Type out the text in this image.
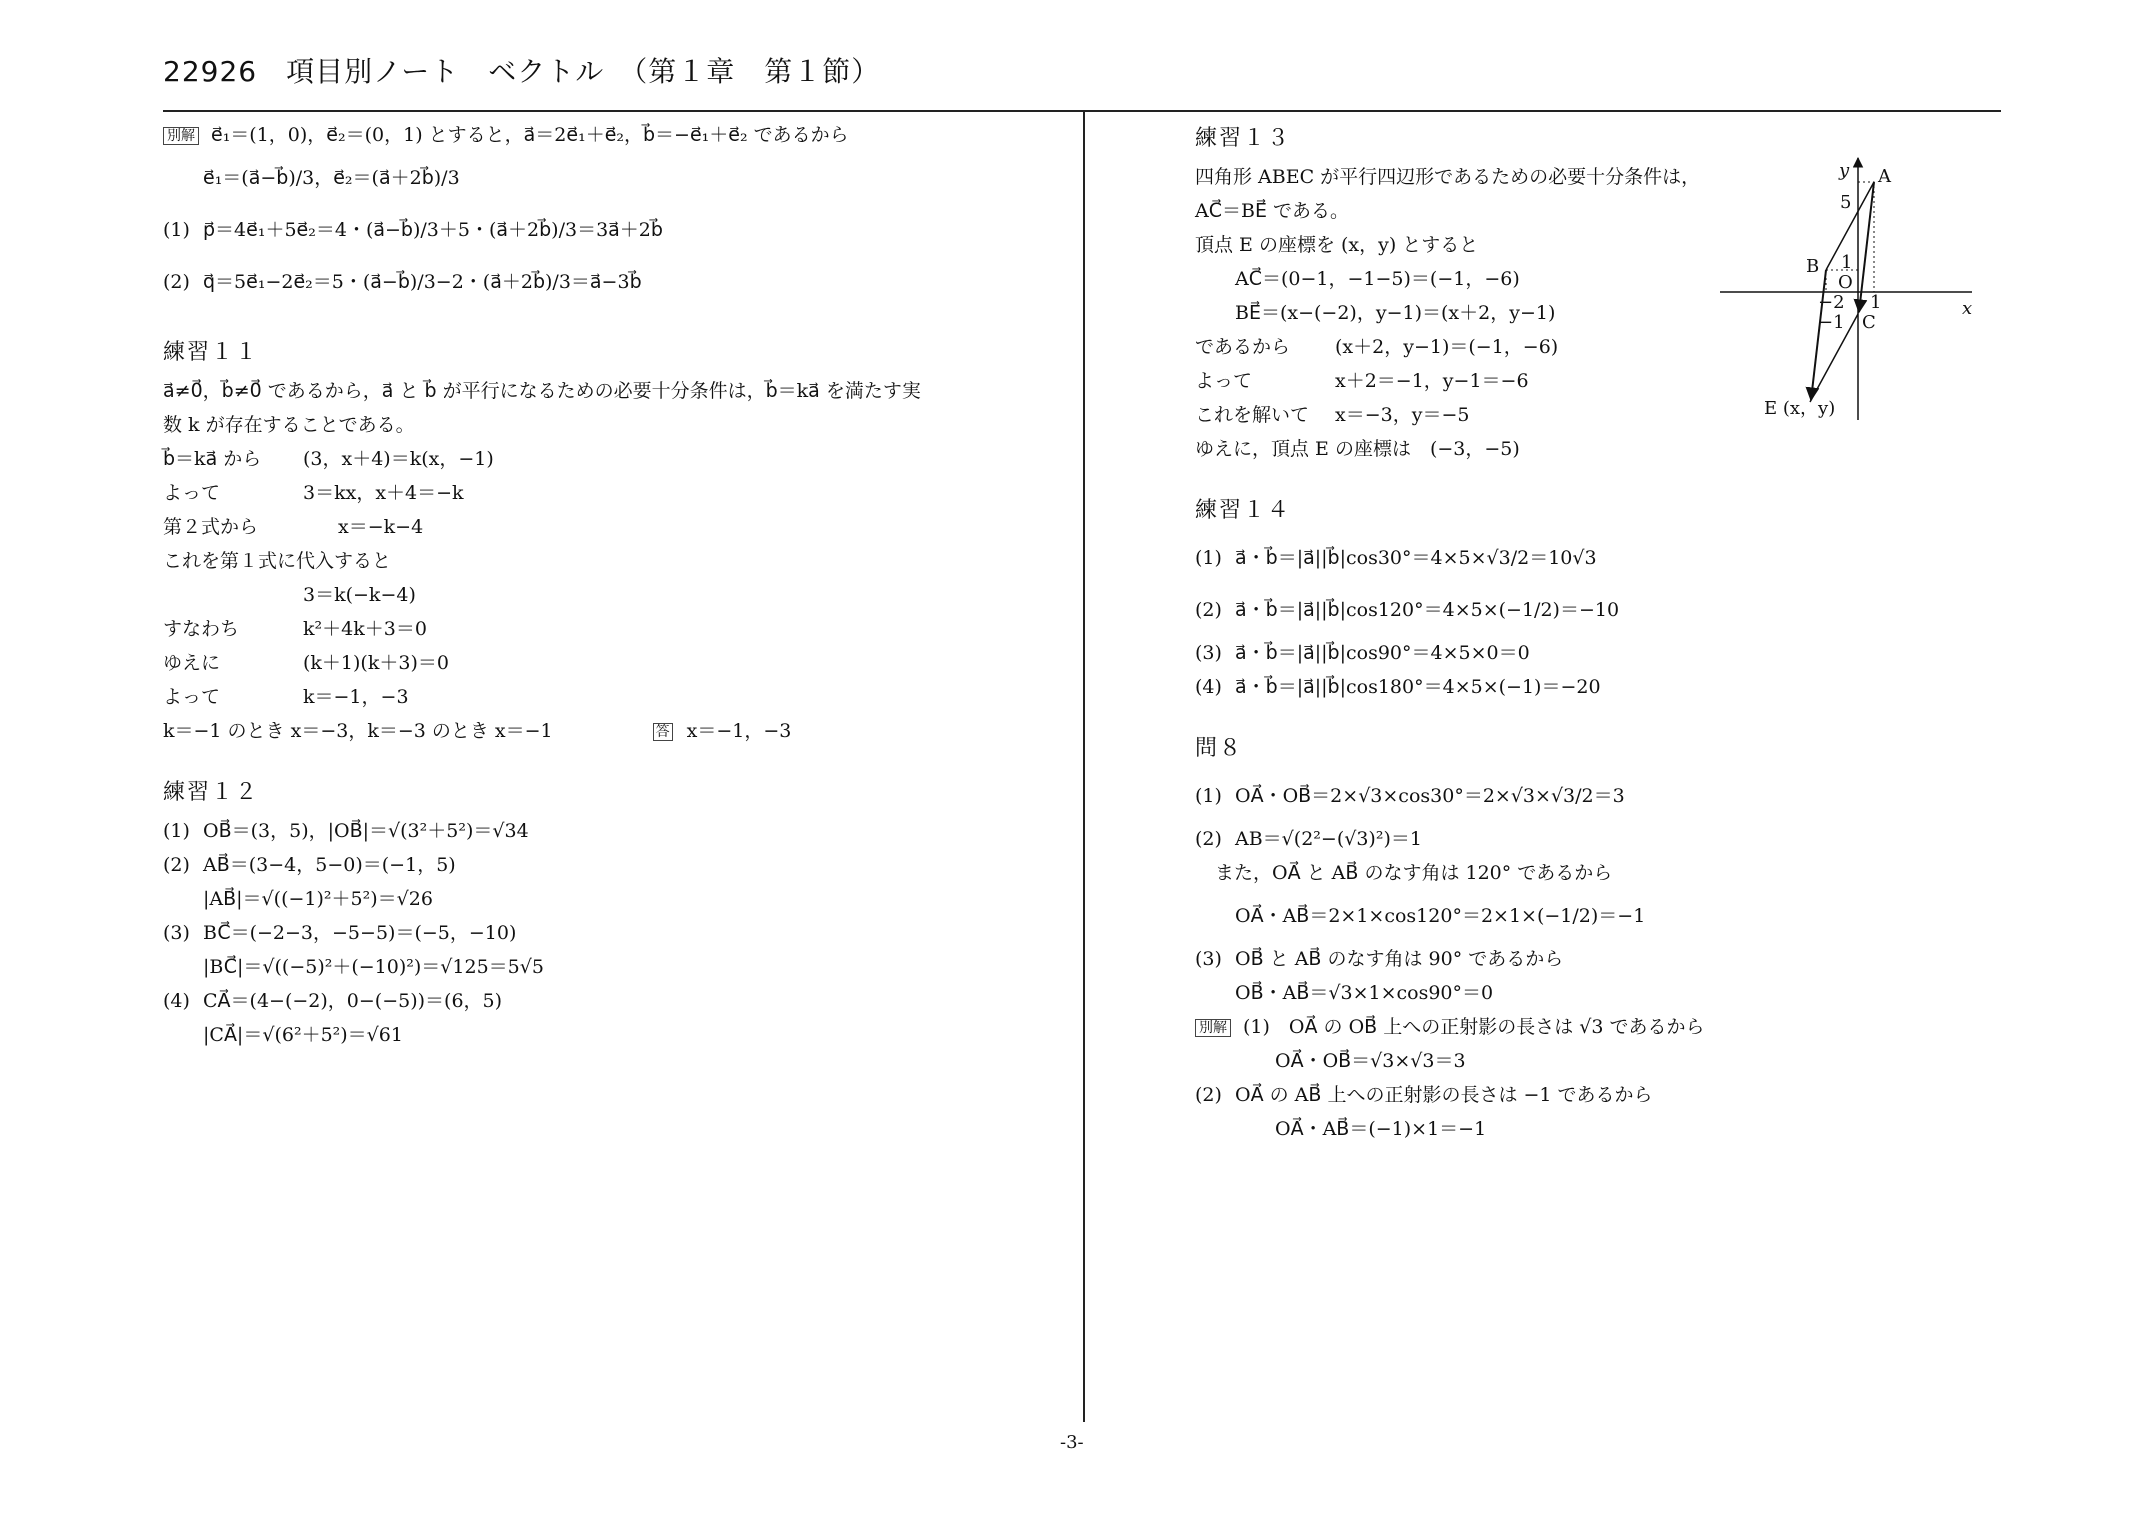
22926　項目別ノート　ベクトル　（第１章　第１節）
別解 e⃗₁＝(1，0)，e⃗₂＝(0，1) とすると，a⃗＝2e⃗₁＋e⃗₂，b⃗＝−e⃗₁＋e⃗₂ であるから
e⃗₁＝(a⃗−b⃗)/3，e⃗₂＝(a⃗＋2b⃗)/3
(1) p⃗＝4e⃗₁＋5e⃗₂＝4・(a⃗−b⃗)/3＋5・(a⃗＋2b⃗)/3＝3a⃗＋2b⃗
(2) q⃗＝5e⃗₁−2e⃗₂＝5・(a⃗−b⃗)/3−2・(a⃗＋2b⃗)/3＝a⃗−3b⃗
練習１１
a⃗≠0⃗，b⃗≠0⃗ であるから，a⃗ と b⃗ が平行になるための必要十分条件は，b⃗＝ka⃗ を満たす実
数 k が存在することである。
b⃗＝ka⃗ から (3，x＋4)＝k(x，−1)
よって	3＝kx，x＋4＝−k
第２式から	x＝−k−4
これを第１式に代入すると
3＝k(−k−4)
すなわち	k²＋4k＋3＝0
ゆえに	(k＋1)(k＋3)＝0
よって	k＝−1，−3
k＝−1 のとき x＝−3，k＝−3 のとき x＝−1	答 x＝−1，−3
練習１２
(1) OB⃗＝(3，5)，|OB⃗|＝√(3²＋5²)＝√34
(2) AB⃗＝(3−4，5−0)＝(−1，5)
|AB⃗|＝√((−1)²＋5²)＝√26
(3) BC⃗＝(−2−3，−5−5)＝(−5，−10)
|BC⃗|＝√((−5)²＋(−10)²)＝√125＝5√5
(4) CA⃗＝(4−(−2)，0−(−5))＝(6，5)
|CA⃗|＝√(6²＋5²)＝√61
練習１３
四角形 ABEC が平行四辺形であるための必要十分条件は，
AC⃗＝BE⃗ である。
頂点 E の座標を (x，y) とすると
AC⃗＝(0−1，−1−5)＝(−1，−6)
BE⃗＝(x−(−2)，y−1)＝(x＋2，y−1)
であるから (x＋2，y−1)＝(−1，−6)
よって	x＋2＝−1，y−1＝−6
これを解いて x＝−3，y＝−5
ゆえに，頂点 E の座標は　(−3，−5)
練習１４
(1) a⃗・b⃗＝|a⃗||b⃗|cos30°＝4×5×√3/2＝10√3
(2) a⃗・b⃗＝|a⃗||b⃗|cos120°＝4×5×(−1/2)＝−10
(3) a⃗・b⃗＝|a⃗||b⃗|cos90°＝4×5×0＝0
(4) a⃗・b⃗＝|a⃗||b⃗|cos180°＝4×5×(−1)＝−20
問８
(1) OA⃗・OB⃗＝2×√3×cos30°＝2×√3×√3/2＝3
(2) AB＝√(2²−(√3)²)＝1
また，OA⃗ と AB⃗ のなす角は 120° であるから
OA⃗・AB⃗＝2×1×cos120°＝2×1×(−1/2)＝−1
(3) OB⃗ と AB⃗ のなす角は 90° であるから
OB⃗・AB⃗＝√3×1×cos90°＝0
別解 (1)　OA⃗ の OB⃗ 上への正射影の長さは √3 であるから
OA⃗・OB⃗＝√3×√3＝3
(2) OA⃗ の AB⃗ 上への正射影の長さは −1 であるから
OA⃗・AB⃗＝(−1)×1＝−1
y
x
A
B
O
C
E (x，y)
5
1
−2 1
−1
-3-
